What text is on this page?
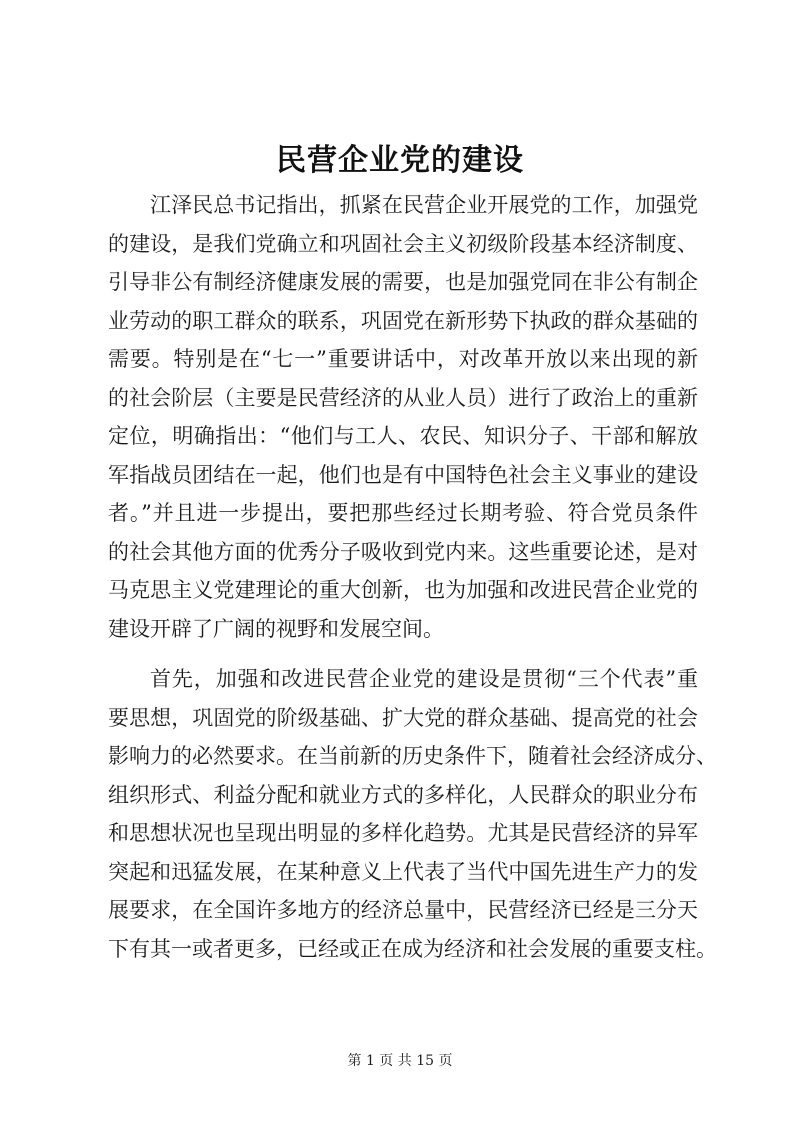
民营企业党的建设
江泽民总书记指出，抓紧在民营企业开展党的工作，加强党
的建设，是我们党确立和巩固社会主义初级阶段基本经济制度、
引导非公有制经济健康发展的需要，也是加强党同在非公有制企
业劳动的职工群众的联系，巩固党在新形势下执政的群众基础的
需要。特别是在“七一”重要讲话中，对改革开放以来出现的新
的社会阶层（主要是民营经济的从业人员）进行了政治上的重新
定位，明确指出：“他们与工人、农民、知识分子、干部和解放
军指战员团结在一起，他们也是有中国特色社会主义事业的建设
者。”并且进一步提出，要把那些经过长期考验、符合党员条件
的社会其他方面的优秀分子吸收到党内来。这些重要论述，是对
马克思主义党建理论的重大创新，也为加强和改进民营企业党的
建设开辟了广阔的视野和发展空间。
首先，加强和改进民营企业党的建设是贯彻“三个代表”重
要思想，巩固党的阶级基础、扩大党的群众基础、提高党的社会
影响力的必然要求。在当前新的历史条件下，随着社会经济成分、
组织形式、利益分配和就业方式的多样化，人民群众的职业分布
和思想状况也呈现出明显的多样化趋势。尤其是民营经济的异军
突起和迅猛发展，在某种意义上代表了当代中国先进生产力的发
展要求，在全国许多地方的经济总量中，民营经济已经是三分天
下有其一或者更多，已经或正在成为经济和社会发展的重要支柱。
第 1 页 共 15 页
